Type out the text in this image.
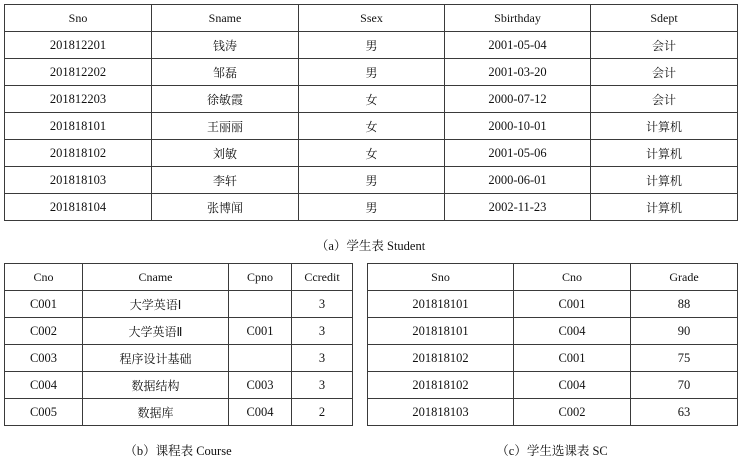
Sno	Sname	Ssex	Sbirthday	Sdept
201812201	钱涛	男	2001-05-04	会计
201812202	邹磊	男	2001-03-20	会计
201812203	徐敏霞	女	2000-07-12	会计
201818101	王丽丽	女	2000-10-01	计算机
201818102	刘敏	女	2001-05-06	计算机
201818103	李轩	男	2000-06-01	计算机
201818104	张博闻	男	2002-11-23	计算机
（a）学生表 Student
Cno	Cname	Cpno	Ccredit
C001	大学英语Ⅰ		3
C002	大学英语Ⅱ	C001	3
C003	程序设计基础		3
C004	数据结构	C003	3
C005	数据库	C004	2
（b）课程表 Course
Sno	Cno	Grade
201818101	C001	88
201818101	C004	90
201818102	C001	75
201818102	C004	70
201818103	C002	63
（c）学生选课表 SC
